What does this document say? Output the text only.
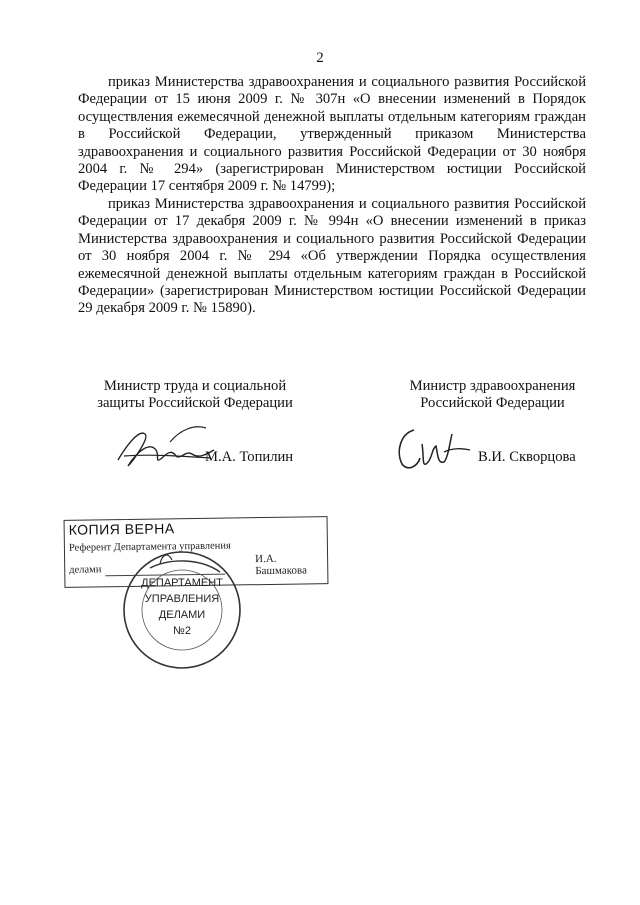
2

приказ Министерства здравоохранения и социального развития Российской Федерации от 15 июня 2009 г. № 307н «О внесении изменений в Порядок осуществления ежемесячной денежной выплаты отдельным категориям граждан в Российской Федерации, утвержденный приказом Министерства здравоохранения и социального развития Российской Федерации от 30 ноября 2004 г. № 294» (зарегистрирован Министерством юстиции Российской Федерации 17 сентября 2009 г. № 14799);

приказ Министерства здравоохранения и социального развития Российской Федерации от 17 декабря 2009 г. № 994н «О внесении изменений в приказ Министерства здравоохранения и социального развития Российской Федерации от 30 ноября 2004 г. № 294 «Об утверждении Порядка осуществления ежемесячной денежной выплаты отдельным категориям граждан в Российской Федерации» (зарегистрирован Министерством юстиции Российской Федерации 29 декабря 2009 г. № 15890).

Министр труда и социальной
защиты Российской Федерации
М.А. Топилин
Министр здравоохранения
Российской Федерации
В.И. Скворцова
КОПИЯ ВЕРНА
Референт Департамента управления
делами
И.А. Башмакова
ДЕПАРТАМЕНТ
УПРАВЛЕНИЯ
ДЕЛАМИ
№2
